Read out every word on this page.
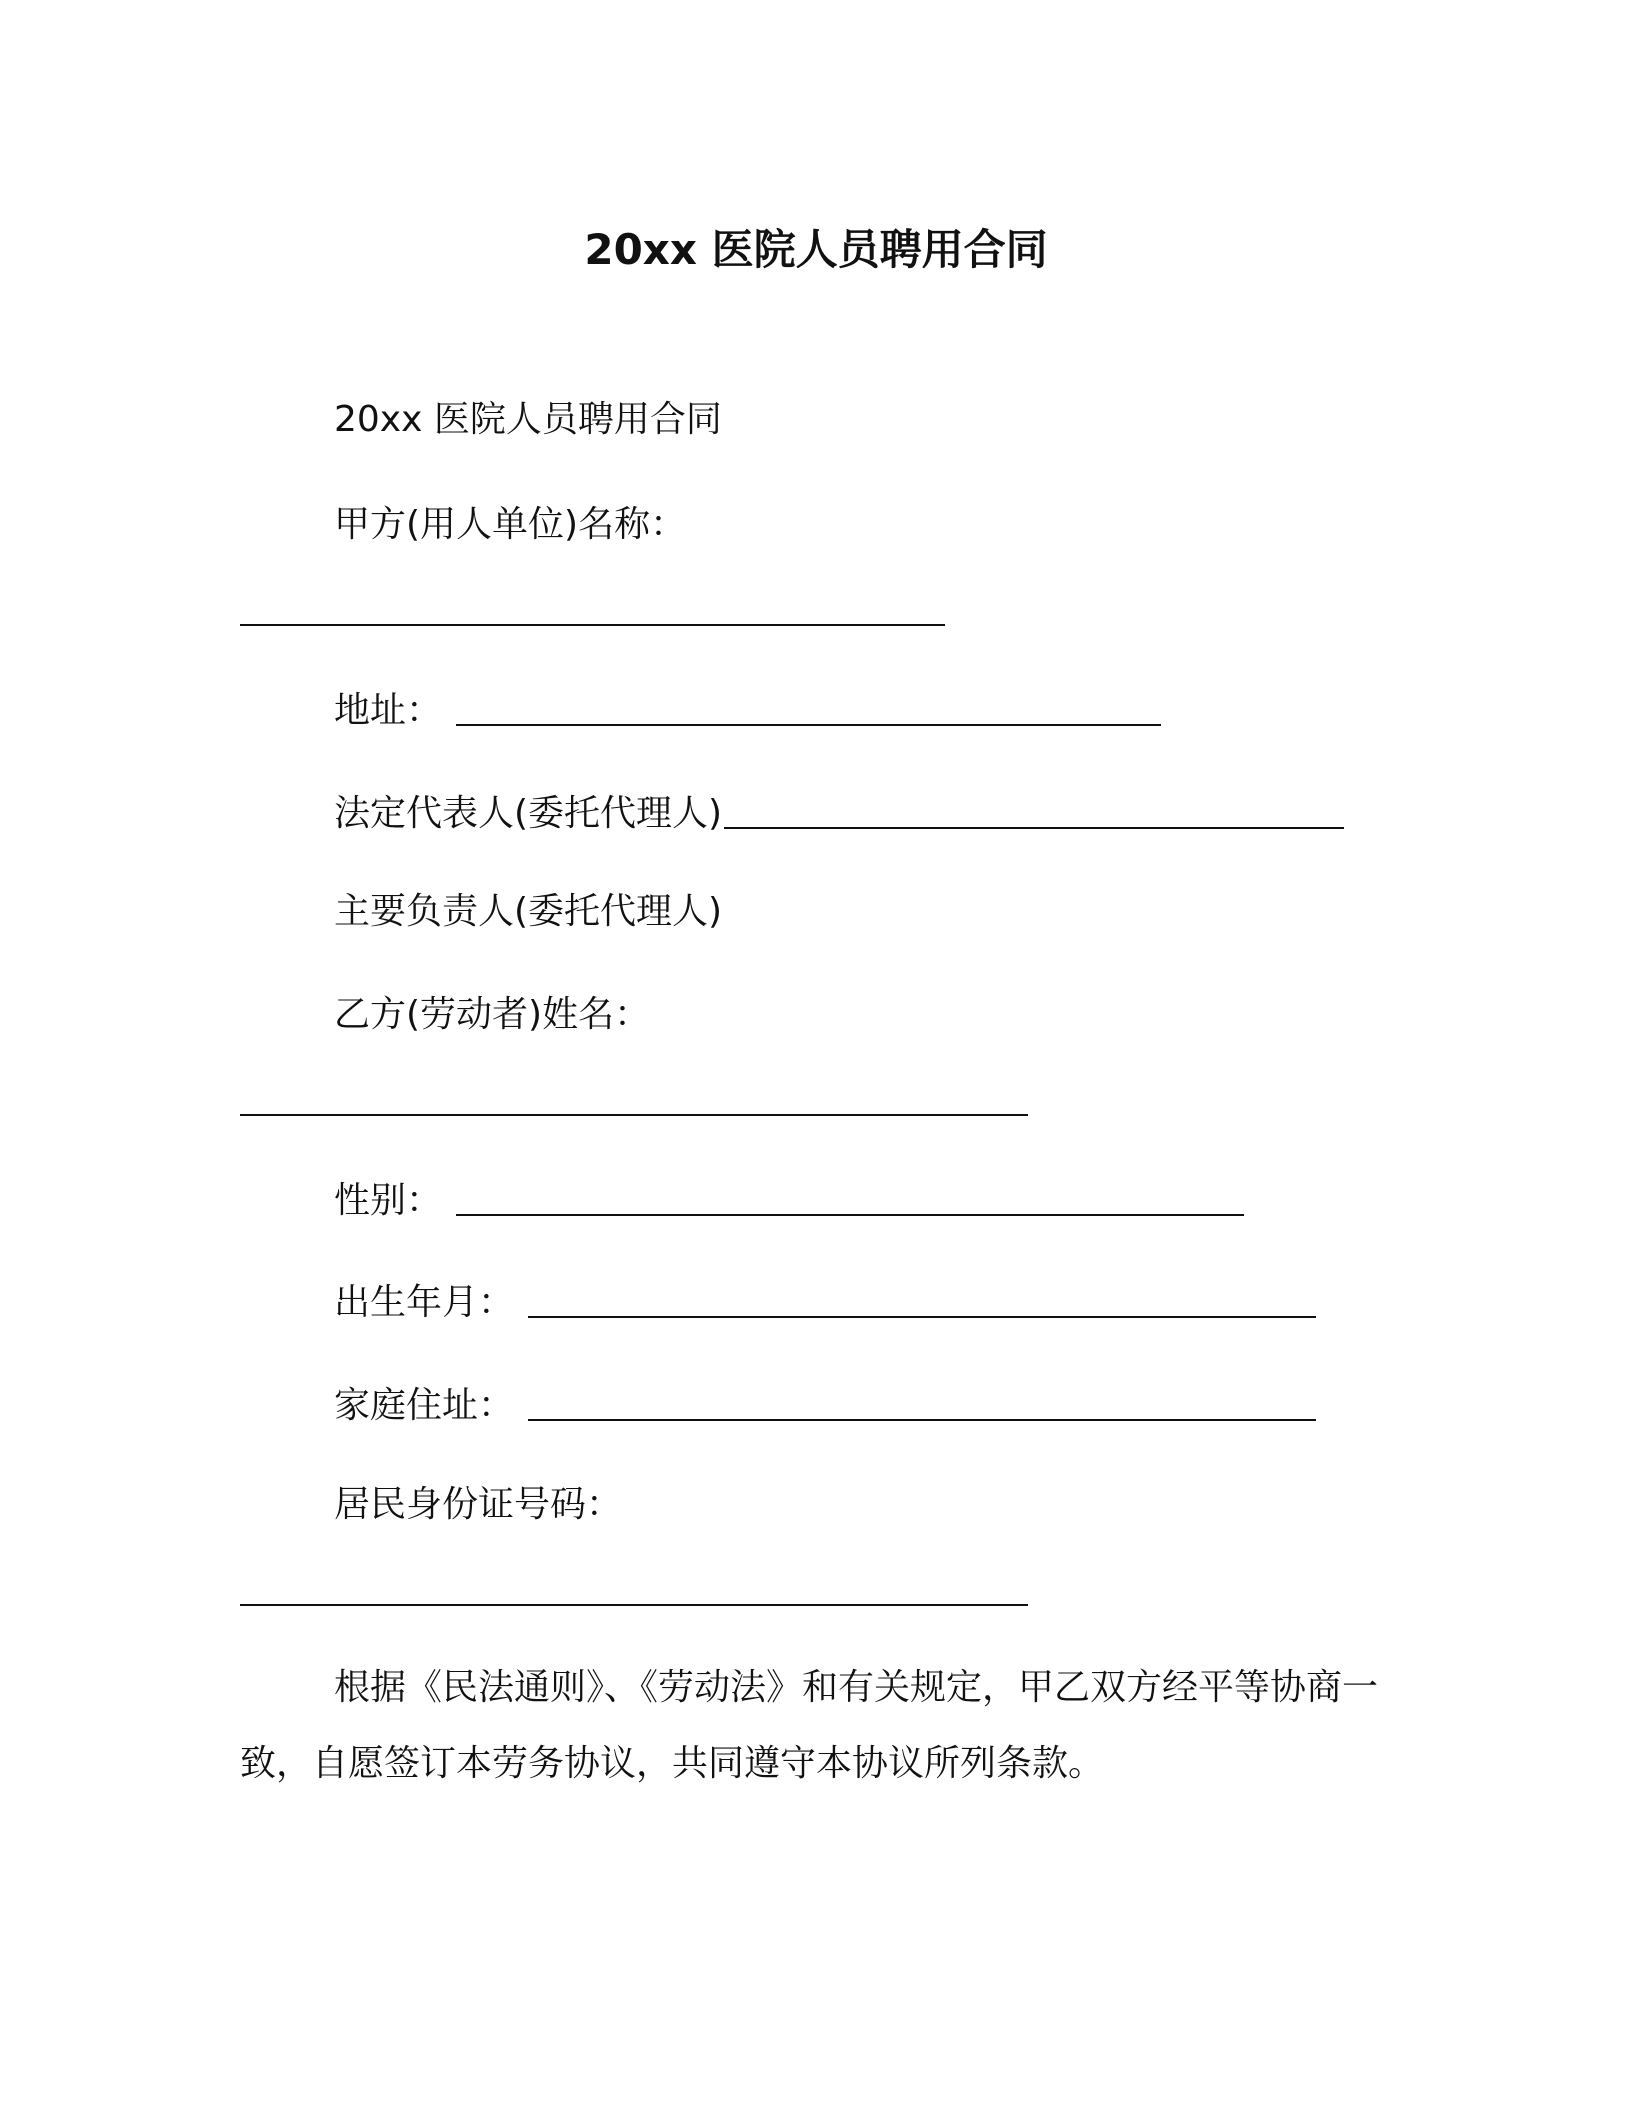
20xx 医院人员聘用合同
20xx 医院人员聘用合同
甲方(用人单位)名称：
地址：
法定代表人(委托代理人)
主要负责人(委托代理人)
乙方(劳动者)姓名：
性别：
出生年月：
家庭住址：
居民身份证号码：
根据《民法通则》、《劳动法》和有关规定，甲乙双方经平等协商一致，自愿签订本劳务协议，共同遵守本协议所列条款。
